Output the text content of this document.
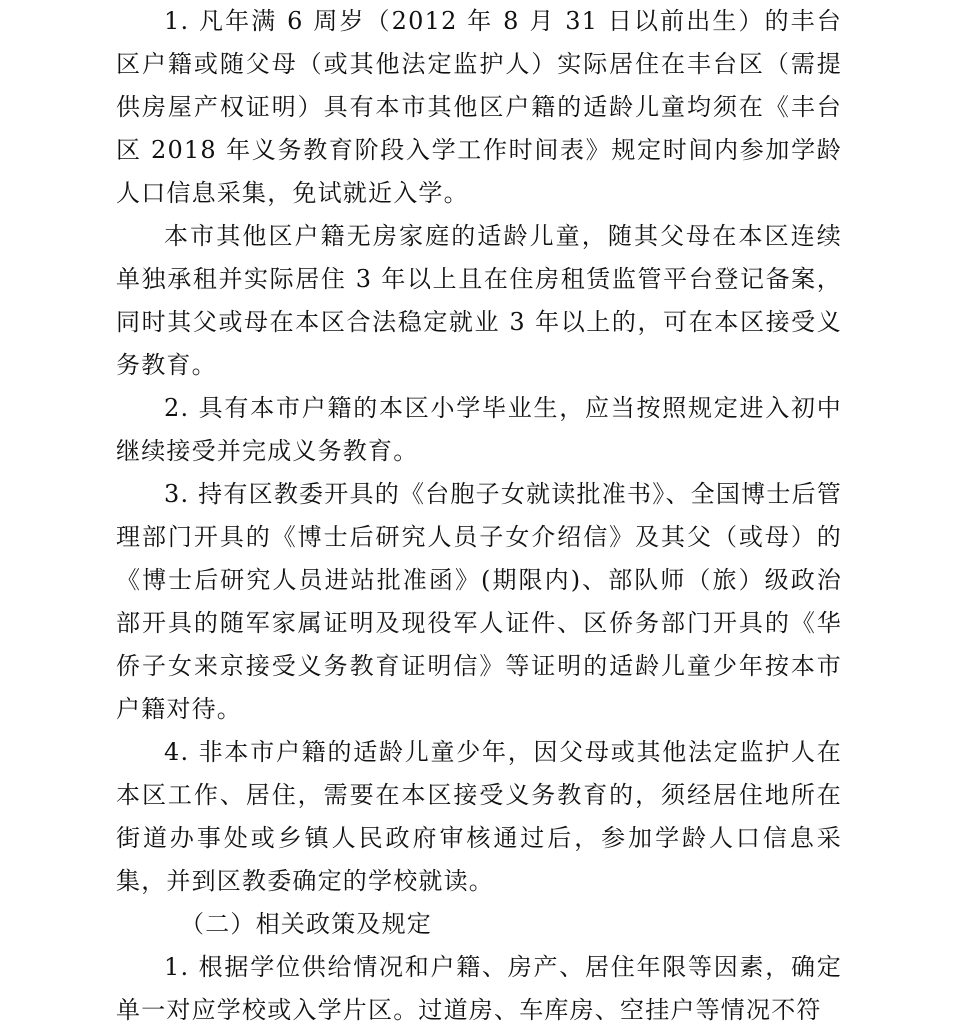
1. 凡年满 6 周岁（2012 年 8 月 31 日以前出生）的丰台区户籍或随父母（或其他法定监护人）实际居住在丰台区（需提供房屋产权证明）具有本市其他区户籍的适龄儿童均须在《丰台区 2018 年义务教育阶段入学工作时间表》规定时间内参加学龄人口信息采集，免试就近入学。

本市其他区户籍无房家庭的适龄儿童，随其父母在本区连续单独承租并实际居住 3 年以上且在住房租赁监管平台登记备案，同时其父或母在本区合法稳定就业 3 年以上的，可在本区接受义务教育。

2. 具有本市户籍的本区小学毕业生，应当按照规定进入初中继续接受并完成义务教育。

3. 持有区教委开具的《台胞子女就读批准书》、全国博士后管理部门开具的《博士后研究人员子女介绍信》及其父（或母）的《博士后研究人员进站批准函》(期限内)、部队师（旅）级政治部开具的随军家属证明及现役军人证件、区侨务部门开具的《华侨子女来京接受义务教育证明信》等证明的适龄儿童少年按本市户籍对待。

4. 非本市户籍的适龄儿童少年，因父母或其他法定监护人在本区工作、居住，需要在本区接受义务教育的，须经居住地所在街道办事处或乡镇人民政府审核通过后，参加学龄人口信息采集，并到区教委确定的学校就读。

（二）相关政策及规定

1. 根据学位供给情况和户籍、房产、居住年限等因素，确定单一对应学校或入学片区。过道房、车库房、空挂户等情况不符
